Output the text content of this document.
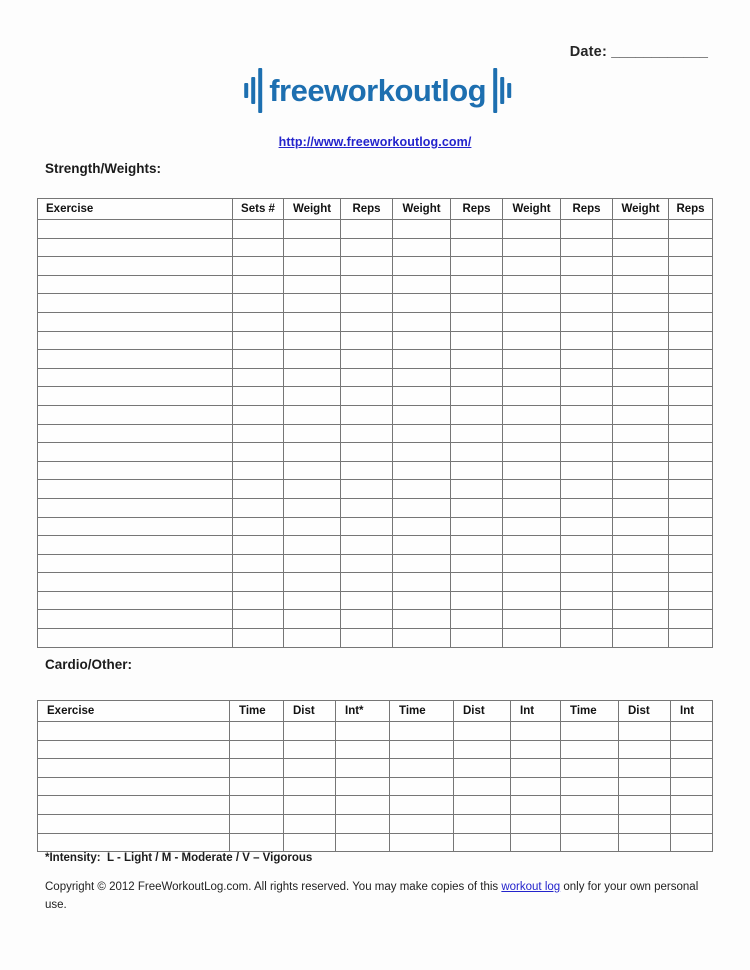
Date: ____________
freeworkoutlog
http://www.freeworkoutlog.com/
Strength/Weights:
Exercise	Sets #	Weight	Reps	Weight	Reps	Weight	Reps	Weight	Reps

Cardio/Other:
Exercise	Time	Dist	Int*	Time	Dist	Int	Time	Dist	Int

*Intensity:  L - Light / M - Moderate / V – Vigorous
Copyright © 2012 FreeWorkoutLog.com. All rights reserved. You may make copies of this workout log only for your own personal use.
